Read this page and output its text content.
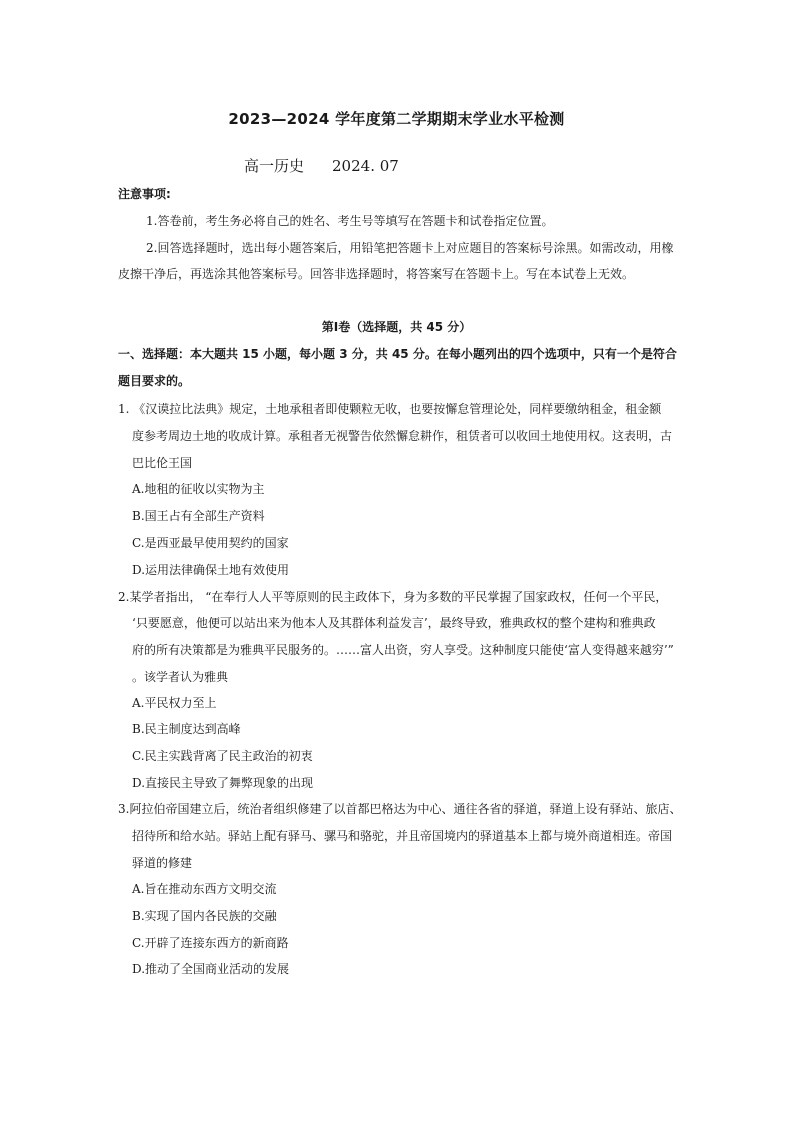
2023—2024 学年度第二学期期末学业水平检测
高一历史 2024. 07
注意事项:
1.答卷前，考生务必将自己的姓名、考生号等填写在答题卡和试卷指定位置。
2.回答选择题时，选出每小题答案后，用铅笔把答题卡上对应题目的答案标号涂黑。如需改动，用橡
皮擦干净后，再选涂其他答案标号。回答非选择题时，将答案写在答题卡上。写在本试卷上无效。
第Ⅰ卷（选择题，共 45 分）
一、选择题：本大题共 15 小题，每小题 3 分，共 45 分。在每小题列出的四个选项中，只有一个是符合
题目要求的。
1. 《汉谟拉比法典》规定，土地承租者即使颗粒无收，也要按懈怠管理论处，同样要缴纳租金，租金额
度参考周边土地的收成计算。承租者无视警告依然懈怠耕作，租赁者可以收回土地使用权。这表明，古
巴比伦王国
A.地租的征收以实物为主
B.国王占有全部生产资料
C.是西亚最早使用契约的国家
D.运用法律确保土地有效使用
2.某学者指出， “在奉行人人平等原则的民主政体下，身为多数的平民掌握了国家政权，任何一个平民，
‘只要愿意，他便可以站出来为他本人及其群体利益发言’，最终导致，雅典政权的整个建构和雅典政
府的所有决策都是为雅典平民服务的。……富人出资，穷人享受。这种制度只能使‘富人变得越来越穷’”
。该学者认为雅典
A.平民权力至上
B.民主制度达到高峰
C.民主实践背离了民主政治的初衷
D.直接民主导致了舞弊现象的出现
3.阿拉伯帝国建立后，统治者组织修建了以首都巴格达为中心、通往各省的驿道，驿道上设有驿站、旅店、
招待所和给水站。驿站上配有驿马、骡马和骆驼，并且帝国境内的驿道基本上都与境外商道相连。帝国
驿道的修建
A.旨在推动东西方文明交流
B.实现了国内各民族的交融
C.开辟了连接东西方的新商路
D.推动了全国商业活动的发展
